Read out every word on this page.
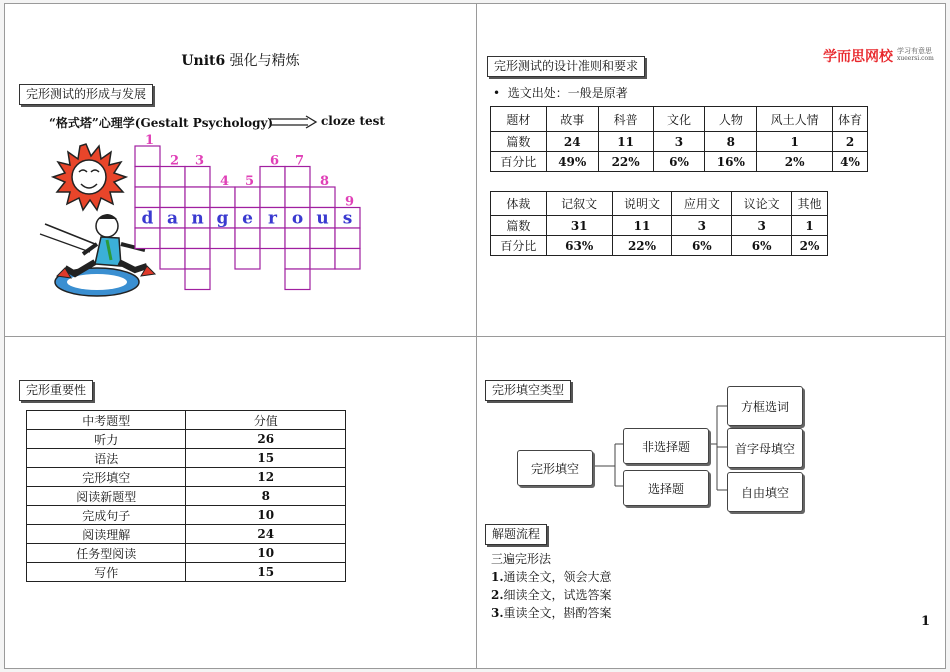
Unit6 强化与精炼
完形测试的形成与发展
“格式塔”心理学(Gestalt Psychology)	cloze test
1
2 3
4 5
6 7
8
9
d a n g e r o u s
完形测试的设计准则和要求
学而思网校 学习有意思
xueersi.com
• 选文出处：一般是原著
题材	故事	科普	文化	人物	风土人情	体育
篇数	24	11	3	8	1	2
百分比	49%	22%	6%	16%	2%	4%
体裁	记叙文	说明文	应用文	议论文	其他
篇数	31	11	3	3	1
百分比	63%	22%	6%	6%	2%
完形重要性
中考题型	分值
听力	26
语法	15
完形填空	12
阅读新题型	8
完成句子	10
阅读理解	24
任务型阅读	10
写作	15
完形填空类型
完形填空
非选择题
选择题
方框选词
首字母填空
自由填空
解题流程
三遍完形法
1.通读全文，领会大意
2.细读全文，试选答案
3.重读全文，斟酌答案
1
